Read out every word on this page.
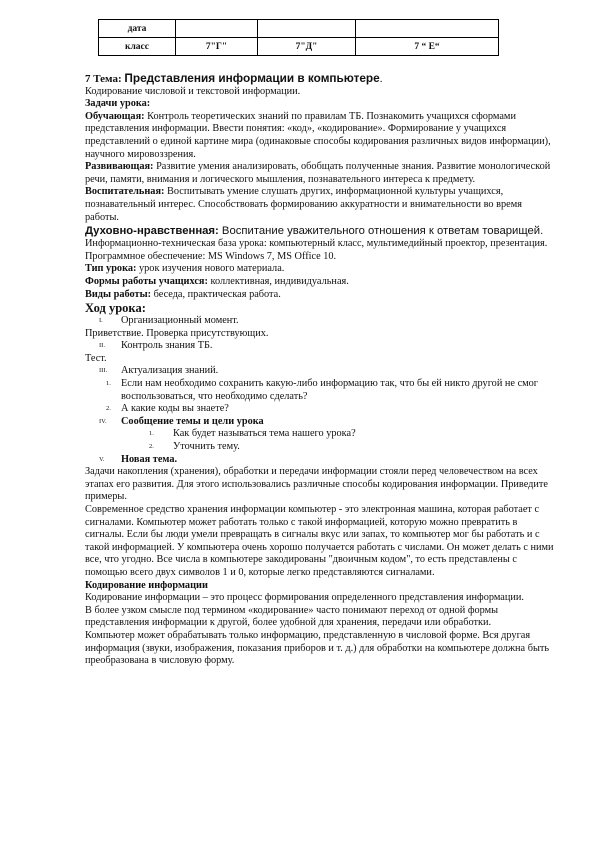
дата			
класс	7"Г"	7"Д"	7 “ Е“

7 Тема: Представления информации в компьютере.

Кодирование числовой и текстовой информации.

Задачи урока:

Обучающая: Контроль теоретических знаний по правилам ТБ. Познакомить учащихся сформами представления информации. Ввести понятия: «код», «кодирование». Формирование у учащихся представлений о единой картине мира (одинаковые способы кодирования различных видов информации), научного мировоззрения.

Развивающая: Развитие умения анализировать, обобщать полученные знания. Развитие монологической речи, памяти, внимания и логического мышления, познавательного интереса к предмету.

Воспитательная: Воспитывать умение слушать других, информационной культуры учащихся, познавательный интерес. Способствовать формированию аккуратности и внимательности во время работы.

Духовно-нравственная: Воспитание уважительного отношения к ответам товарищей.

Информационно-техническая база урока: компьютерный класс, мультимедийный проектор, презентация.

Программное обеспечение: MS Windows 7, MS Office 10.

Тип урока: урок изучения нового материала.

Формы работы учащихся: коллективная, индивидуальная.

Виды работы: беседа, практическая работа.

Ход урока:

I. Организационный момент.

Приветствие. Проверка присутствующих.

II. Контроль знания ТБ.

Тест.

III. Актуализация знаний.

1. Если нам необходимо сохранить какую-либо информацию так, что бы ей никто другой не смог воспользоваться, что необходимо сделать?

2. А какие коды вы знаете?

IV. Сообщение темы и цели урока

1. Как будет называться тема нашего урока?

2. Уточнить тему.

V. Новая тема.

Задачи накопления (хранения), обработки и передачи информации стояли перед человечеством на всех этапах его развития. Для этого использовались различные способы кодирования информации. Приведите примеры.

Современное средство хранения информации компьютер - это электронная машина, которая работает с сигналами. Компьютер может работать только с такой информацией, которую можно превратить в сигналы. Если бы люди умели превращать в сигналы вкус или запах, то компьютер мог бы работать и с такой информацией. У компьютера очень хорошо получается работать с числами. Он может делать с ними все, что угодно. Все числа в компьютере закодированы "двоичным кодом", то есть представлены с помощью всего двух символов 1 и 0, которые легко представляются сигналами.

Кодирование информации

Кодирование информации – это процесс формирования определенного представления информации.

В более узком смысле под термином «кодирование» часто понимают переход от одной формы представления информации к другой, более удобной для хранения, передачи или обработки.

Компьютер может обрабатывать только информацию, представленную в числовой форме. Вся другая информация (звуки, изображения, показания приборов и т. д.) для обработки на компьютере должна быть преобразована в числовую форму.
